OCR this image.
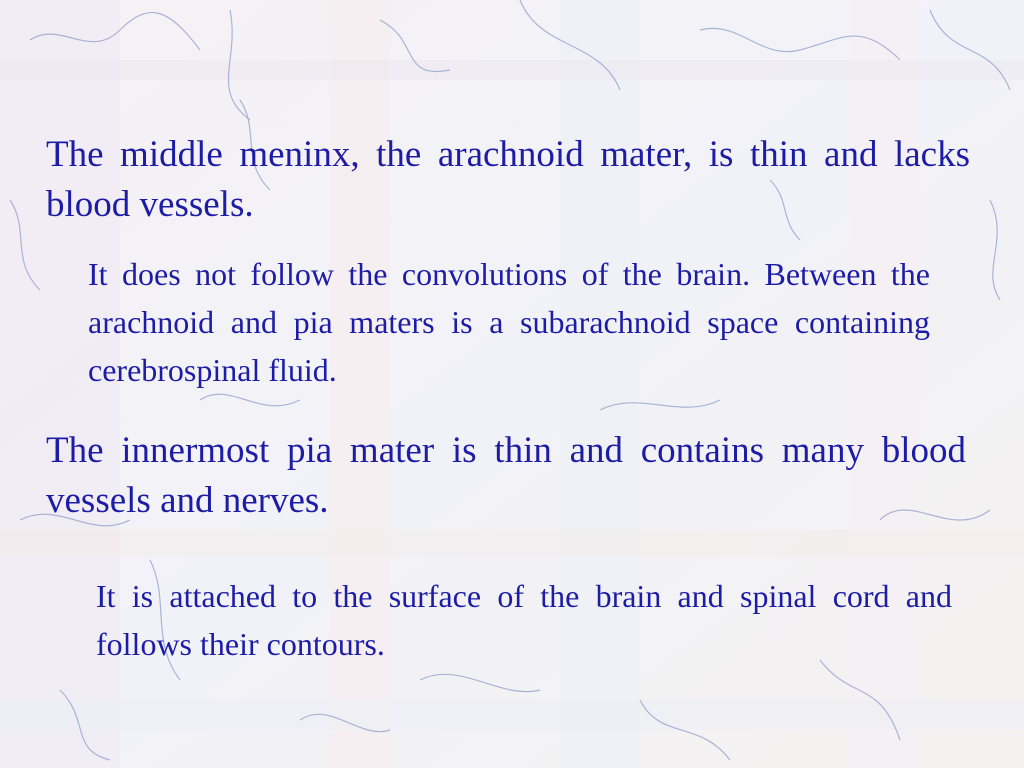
The middle meninx, the arachnoid mater, is thin and lacks blood vessels.

It does not follow the convolutions of the brain. Between the arachnoid and pia maters is a subarachnoid space containing cerebrospinal fluid.

The innermost pia mater is thin and contains many blood vessels and nerves.

It is attached to the surface of the brain and spinal cord and follows their contours.
